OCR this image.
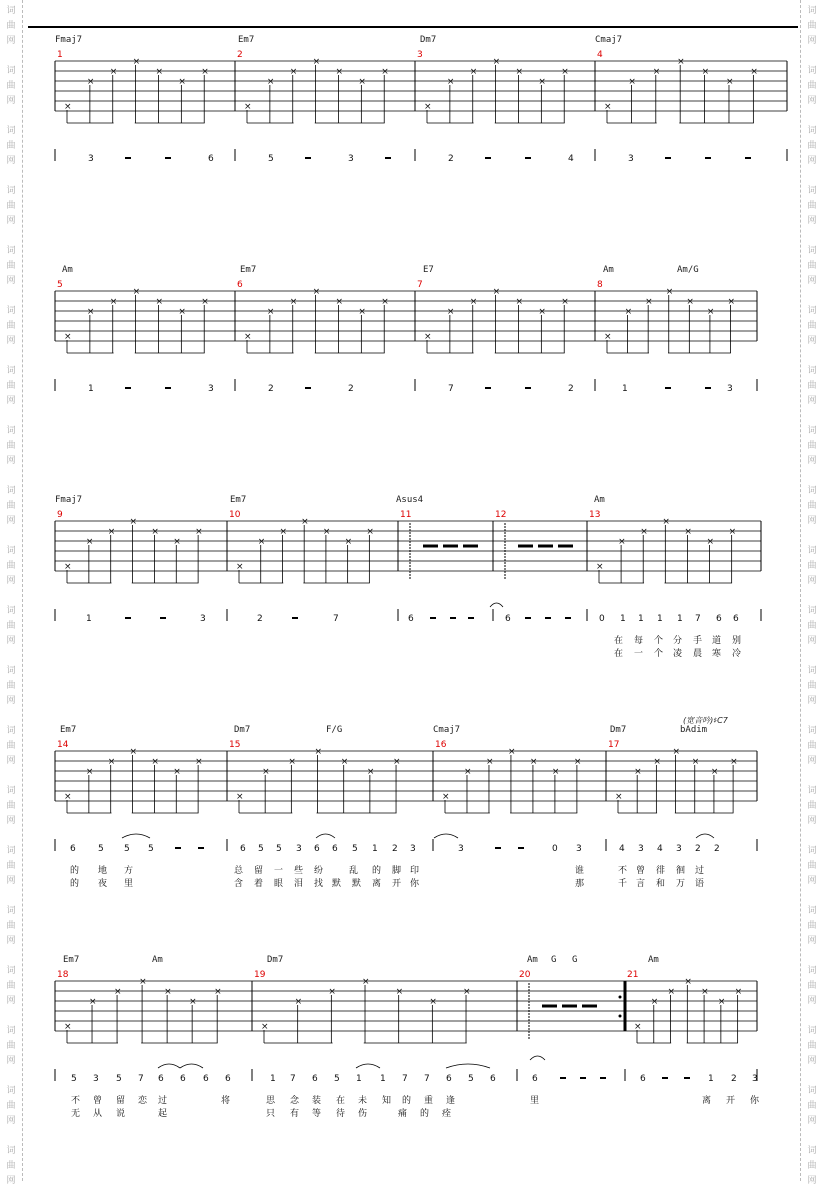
词
曲
网
词
曲
网
词
曲
网
词
曲
网
词
曲
网
词
曲
网
词
曲
网
词
曲
网
词
曲
网
词
曲
网
词
曲
网
词
曲
网
词
曲
网
词
曲
网
词
曲
网
词
曲
网
词
曲
网
词
曲
网
词
曲
网
词
曲
网
词
曲
网
词
曲
网
词
曲
网
词
曲
网
词
曲
网
词
曲
网
词
曲
网
词
曲
网
词
曲
网
词
曲
网
词
曲
网
词
曲
网
词
曲
网
词
曲
网
词
曲
网
词
曲
网
词
曲
网
词
曲
网
词
曲
网
词
曲
网
Fmaj7	Em7	Dm7	Cmaj7
1	2	3	4
×
×
×
×
×
×
×
×
×
×
×
×
×
×
×
×
×
×
×
×
×
×
×
×
×
×
×
×
Am	Em7	E7	Am	Am/G
5	6	7	8
×
×
×
×
×
×
×
×
×
×
×
×
×
×
×
×
×
×
×
×
×
×
×
×
×
×
×
×
Fmaj7	Em7	Asus4	Am
9	10	11	12	13
×
×
×
×
×
×
×
×
×
×
×
×
×
×
×
×
×
×
×
×
×
Em7	Dm7	F/G	Cmaj7	Dm7	bAdim
14	15	16	17
×
×
×
×
×
×
×
×
×
×
×
×
×
×
×
×
×
×
×
×
×
×
×
×
×
×
×
×
Em7	Am	Dm7	Am G G	Am
18	19	20	21
×
×
×
×
×
×
×
×
×
×
×
×
×
×
×
×
×
×
×
×
×
3	6	5	3	2	4	3
1	3	2	2	7	2	1	3
1	3	2	7	6	6	0 1 1 1 1 7 6 6
6 5 5 5	6 5 5 3 6 6 5 1 2 3	3	0 3	4 3 4 3 2 2
5 3 5 7 6 6 6 6	1 7 6 5 1 1 7 7 6 5 6	6	6	1 2 3
在 每 个 分 手 道 别
在 一 个 凌 晨 寒 冷
的 地 方	总 留 一 些 纷	乱 的 脚 印	谁	不 曾 徘 徊 过
的 夜 里	含 着 眼 泪 找 默 默 离 开 你	那	千 言 和 万 语
不 曾 留 恋 过	将	思 念 装 在 未 知 的 重 逢	里	离 开 你
无 从 说	起	只 有 等 待 伤	痛 的 痊
(宽音吟)♯C7
